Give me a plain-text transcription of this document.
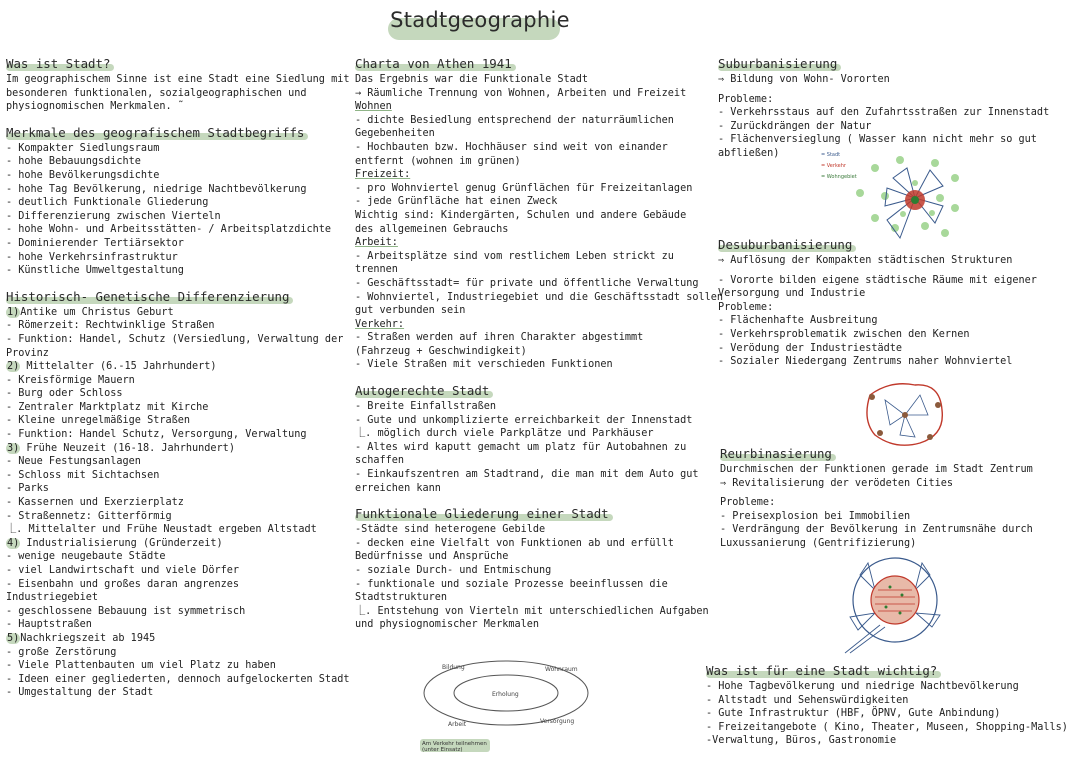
Stadtgeographie
Was ist Stadt?
Im geographischem Sinne ist eine Stadt eine Siedlung mit
besonderen funktionalen, sozialgeographischen und
physiognomischen Merkmalen. ˜
Merkmale des geografischem Stadtbegriffs
- Kompakter Siedlungsraum
- hohe Bebauungsdichte
- hohe Bevölkerungsdichte
- hohe Tag Bevölkerung, niedrige Nachtbevölkerung
- deutlich Funktionale Gliederung
- Differenzierung zwischen Vierteln
- hohe Wohn- und Arbeitsstätten- / Arbeitsplatzdichte
- Dominierender Tertiärsektor
- hohe Verkehrsinfrastruktur
- Künstliche Umweltgestaltung
Historisch- Genetische Differenzierung
1)Antike um Christus Geburt
- Römerzeit: Rechtwinklige Straßen
- Funktion: Handel, Schutz (Versiedlung, Verwaltung der
Provinz
2) Mittelalter (6.-15 Jahrhundert)
- Kreisförmige Mauern
- Burg oder Schloss
- Zentraler Marktplatz mit Kirche
- Kleine unregelmäßige Straßen
- Funktion: Handel Schutz, Versorgung, Verwaltung
3) Frühe Neuzeit (16-18. Jahrhundert)
- Neue Festungsanlagen
- Schloss mit Sichtachsen
- Parks
- Kassernen und Exerzierplatz
- Straßennetz: Gitterförmig
⎿. Mittelalter und Frühe Neustadt ergeben Altstadt
4) Industrialisierung (Gründerzeit)
- wenige neugebaute Städte
- viel Landwirtschaft und viele Dörfer
- Eisenbahn und großes daran angrenzes
Industriegebiet
- geschlossene Bebauung ist symmetrisch
- Hauptstraßen
5)Nachkriegszeit ab 1945
- große Zerstörung
- Viele Plattenbauten um viel Platz zu haben
- Ideen einer gegliederten, dennoch aufgelockerten Stadt
- Umgestaltung der Stadt
Charta von Athen 1941
Das Ergebnis war die Funktionale Stadt
→ Räumliche Trennung von Wohnen, Arbeiten und Freizeit
Wohnen
- dichte Besiedlung entsprechend der naturräumlichen
Gegebenheiten
- Hochbauten bzw. Hochhäuser sind weit von einander
entfernt (wohnen im grünen)
Freizeit:
- pro Wohnviertel genug Grünflächen für Freizeitanlagen
- jede Grünfläche hat einen Zweck
Wichtig sind: Kindergärten, Schulen und andere Gebäude
des allgemeinen Gebrauchs
Arbeit:
- Arbeitsplätze sind vom restlichem Leben strickt zu
trennen
- Geschäftsstadt= für private und öffentliche Verwaltung
- Wohnviertel, Industriegebiet und die Geschäftsstadt sollen
gut verbunden sein
Verkehr:
- Straßen werden auf ihren Charakter abgestimmt
(Fahrzeug + Geschwindigkeit)
- Viele Straßen mit verschieden Funktionen
Autogerechte Stadt
- Breite Einfallstraßen
- Gute und unkomplizierte erreichbarkeit der Innenstadt
⎿. möglich durch viele Parkplätze und Parkhäuser
- Altes wird kaputt gemacht um platz für Autobahnen zu
schaffen
- Einkaufszentren am Stadtrand, die man mit dem Auto gut
erreichen kann
Funktionale Gliederung einer Stadt
-Städte sind heterogene Gebilde
- decken eine Vielfalt von Funktionen ab und erfüllt
Bedürfnisse und Ansprüche
- soziale Durch- und Entmischung
- funktionale und soziale Prozesse beeinflussen die
Stadtstrukturen
⎿. Entstehung von Vierteln mit unterschiedlichen Aufgaben
und physiognomischer Merkmalen
Bildung	Wohnraum
Erholung
Arbeit	Versorgung
Am Verkehr teilnehmen
(unter Einsatz)
Suburbanisierung
⇒ Bildung von Wohn- Vororten
Probleme:
- Verkehrsstaus auf den Zufahrtsstraßen zur Innenstadt
- Zurückdrängen der Natur
- Flächenversieglung ( Wasser kann nicht mehr so gut
abfließen)	= Stadt
= Verkehr
= Wohngebiet
Desuburbanisierung
⇒ Auflösung der Kompakten städtischen Strukturen
- Vororte bilden eigene städtische Räume mit eigener
Versorgung und Industrie
Probleme:
- Flächenhafte Ausbreitung
- Verkehrsproblematik zwischen den Kernen
- Verödung der Industriestädte
- Sozialer Niedergang Zentrums naher Wohnviertel
Reurbinasierung
Durchmischen der Funktionen gerade im Stadt Zentrum
⇒ Revitalisierung der verödeten Cities
Probleme:
- Preisexplosion bei Immobilien
- Verdrängung der Bevölkerung in Zentrumsnähe durch
Luxussanierung (Gentrifizierung)
Was ist für eine Stadt wichtig?
- Hohe Tagbevölkerung und niedrige Nachtbevölkerung
- Altstadt und Sehenswürdigkeiten
- Gute Infrastruktur (HBF, ÖPNV, Gute Anbindung)
- Freizeitangebote ( Kino, Theater, Museen, Shopping-Malls)
-Verwaltung, Büros, Gastronomie
